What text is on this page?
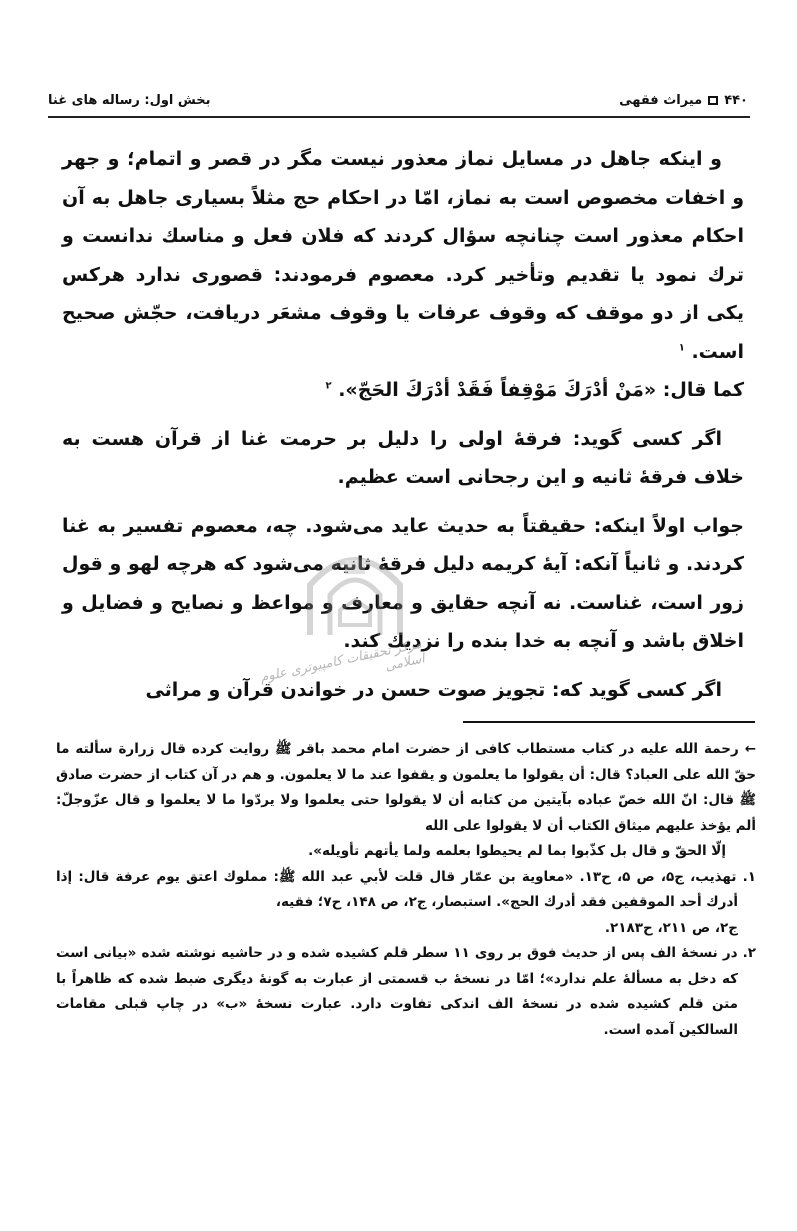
۴۴۰
میراث فقهی
بخش اول: رساله های غنا

و اینکه جاهل در مسایل نماز معذور نیست مگر در قصر و اتمام؛ و جهر و اخفات مخصوص است به نماز، امّا در احکام حج مثلاً بسیاری جاهل به آن احکام معذور است چنانچه سؤال کردند که فلان فعل و مناسك ندانست و ترك نمود یا تقدیم وتأخیر کرد. معصوم فرمودند: قصوری ندارد هرکس یکی از دو موقف که وقوف عرفات یا وقوف مشعَر دریافت، حجّش صحیح است. $^۱$
کما قال: «مَنْ أدْرَكَ مَوْقِفاً فَقَدْ أدْرَكَ الحَجّ». $^۲$

اگر کسی گوید: فرقهٔ اولی را دلیل بر حرمت غنا از قرآن هست به خلاف فرقهٔ ثانیه و این رجحانی است عظیم.

جواب اولاً اینکه: حقیقتاً به حدیث عاید می‌شود. چه، معصوم تفسیر به غنا کردند. و ثانیاً آنکه: آیهٔ کریمه دلیل فرقهٔ ثانیه می‌شود که هرچه لهو و قول زور است، غناست. نه آنچه حقایق و معارف و مواعظ و نصایح و فضایل و اخلاق باشد و آنچه به خدا بنده را نزدیك كند.

اگر کسی گوید که: تجویز صوت حسن در خواندن قرآن و مراثی

مرکز تحقیقات کامپیوتری علوم اسلامی

← رحمة الله علیه در کتاب مستطاب کافی از حضرت امام محمد باقر ﷺ روایت کرده قال زرارة سألته ما حقّ الله علی العباد؟ قال: أن یقولوا ما یعلمون و یقفوا عند ما لا یعلمون. و هم در آن کتاب از حضرت صادق ﷺ قال: انّ الله خصّ عباده بآیتین من کتابه أن لا یقولوا حتی یعلموا ولا یردّوا ما لا یعلموا و قال عزّوجلّ: ألم یؤخذ علیهم میثاق الکتاب أن لا یقولوا علی الله

إلّا الحقّ و قال بل کذّبوا بما لم یحیطوا بعلمه ولما یأتهم تأویله».

۱. تهذیب، ج۵، ص ۵، ح۱۳. «معاویة بن عمّار قال قلت لأبي عبد الله ﷺ: مملوك اعتق یوم عرفة قال: إذا أدرك أحد الموقفین فقد أدرك الحج». استبصار، ج۲، ص ۱۴۸، ح۷؛ فقیه،

ج۲، ص ۲۱۱، ح۲۱۸۳.

۲. در نسخهٔ الف پس از حدیث فوق بر روی ۱۱ سطر قلم کشیده شده و در حاشیه نوشته شده «بیانی است که دخل به مسألهٔ علم ندارد»؛ امّا در نسخهٔ ب قسمتی از عبارت به گونهٔ دیگری ضبط شده که ظاهراً با متن قلم کشیده شده در نسخهٔ الف اندکی تفاوت دارد. عبارت نسخهٔ «ب» در چاپ قبلی مقامات السالکین آمده است.
